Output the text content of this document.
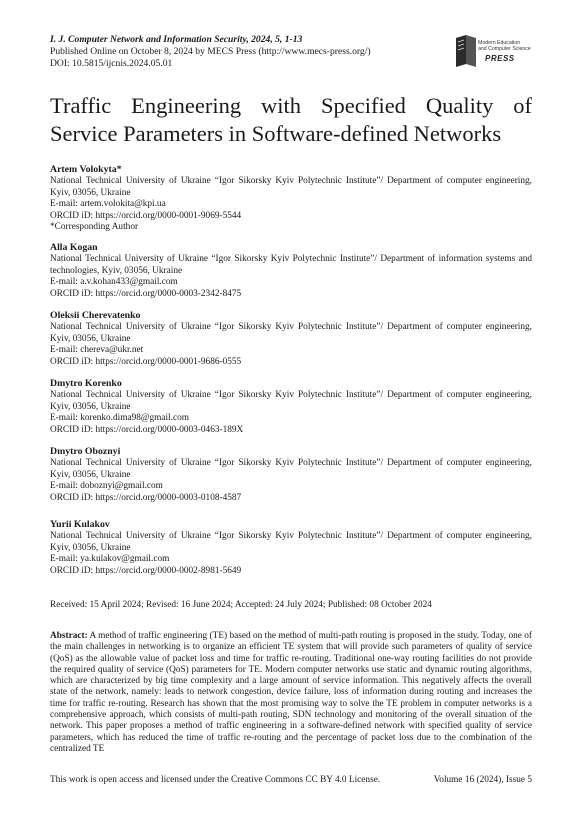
I. J. Computer Network and Information Security, 2024, 5, 1-13
Published Online on October 8, 2024 by MECS Press (http://www.mecs-press.org/)
DOI: 10.5815/ijcnis.2024.05.01
Modern Education
and Computer Science
PRESS
Traffic Engineering with Specified Quality of Service Parameters in Software-defined Networks
Artem Volokyta*
National Technical University of Ukraine “Igor Sikorsky Kyiv Polytechnic Institute”/ Department of computer engineering, Kyiv, 03056, Ukraine
E-mail: artem.volokita@kpi.ua
ORCID iD: https://orcid.org/0000-0001-9069-5544
*Corresponding Author
Alla Kogan
National Technical University of Ukraine “Igor Sikorsky Kyiv Polytechnic Institute”/ Department of information systems and technologies, Kyiv, 03056, Ukraine
E-mail: a.v.kohan433@gmail.com
ORCID iD: https://orcid.org/0000-0003-2342-8475
Oleksii Cherevatenko
National Technical University of Ukraine “Igor Sikorsky Kyiv Polytechnic Institute”/ Department of computer engineering, Kyiv, 03056, Ukraine
E-mail: chereva@ukr.net
ORCID iD: https://orcid.org/0000-0001-9686-0555
Dmytro Korenko
National Technical University of Ukraine “Igor Sikorsky Kyiv Polytechnic Institute”/ Department of computer engineering, Kyiv, 03056, Ukraine
E-mail: korenko.dima98@gmail.com
ORCID iD: https://orcid.org/0000-0003-0463-189X
Dmytro Oboznyi
National Technical University of Ukraine “Igor Sikorsky Kyiv Polytechnic Institute”/ Department of computer engineering, Kyiv, 03056, Ukraine
E-mail: doboznyi@gmail.com
ORCID iD: https://orcid.org/0000-0003-0108-4587
Yurii Kulakov
National Technical University of Ukraine “Igor Sikorsky Kyiv Polytechnic Institute”/ Department of computer engineering, Kyiv, 03056, Ukraine
E-mail: ya.kulakov@gmail.com
ORCID iD: https://orcid.org/0000-0002-8981-5649
Received: 15 April 2024; Revised: 16 June 2024; Accepted: 24 July 2024; Published: 08 October 2024
Abstract: A method of traffic engineering (TE) based on the method of multi-path routing is proposed in the study. Today, one of the main challenges in networking is to organize an efficient TE system that will provide such parameters of quality of service (QoS) as the allowable value of packet loss and time for traffic re-routing. Traditional one-way routing facilities do not provide the required quality of service (QoS) parameters for TE. Modern computer networks use static and dynamic routing algorithms, which are characterized by big time complexity and a large amount of service information. This negatively affects the overall state of the network, namely: leads to network congestion, device failure, loss of information during routing and increases the time for traffic re-routing. Research has shown that the most promising way to solve the TE problem in computer networks is a comprehensive approach, which consists of multi-path routing, SDN technology and monitoring of the overall situation of the network. This paper proposes a method of traffic engineering in a software-defined network with specified quality of service parameters, which has reduced the time of traffic re-routing and the percentage of packet loss due to the combination of the centralized TE
This work is open access and licensed under the Creative Commons CC BY 4.0 License.	Volume 16 (2024), Issue 5
